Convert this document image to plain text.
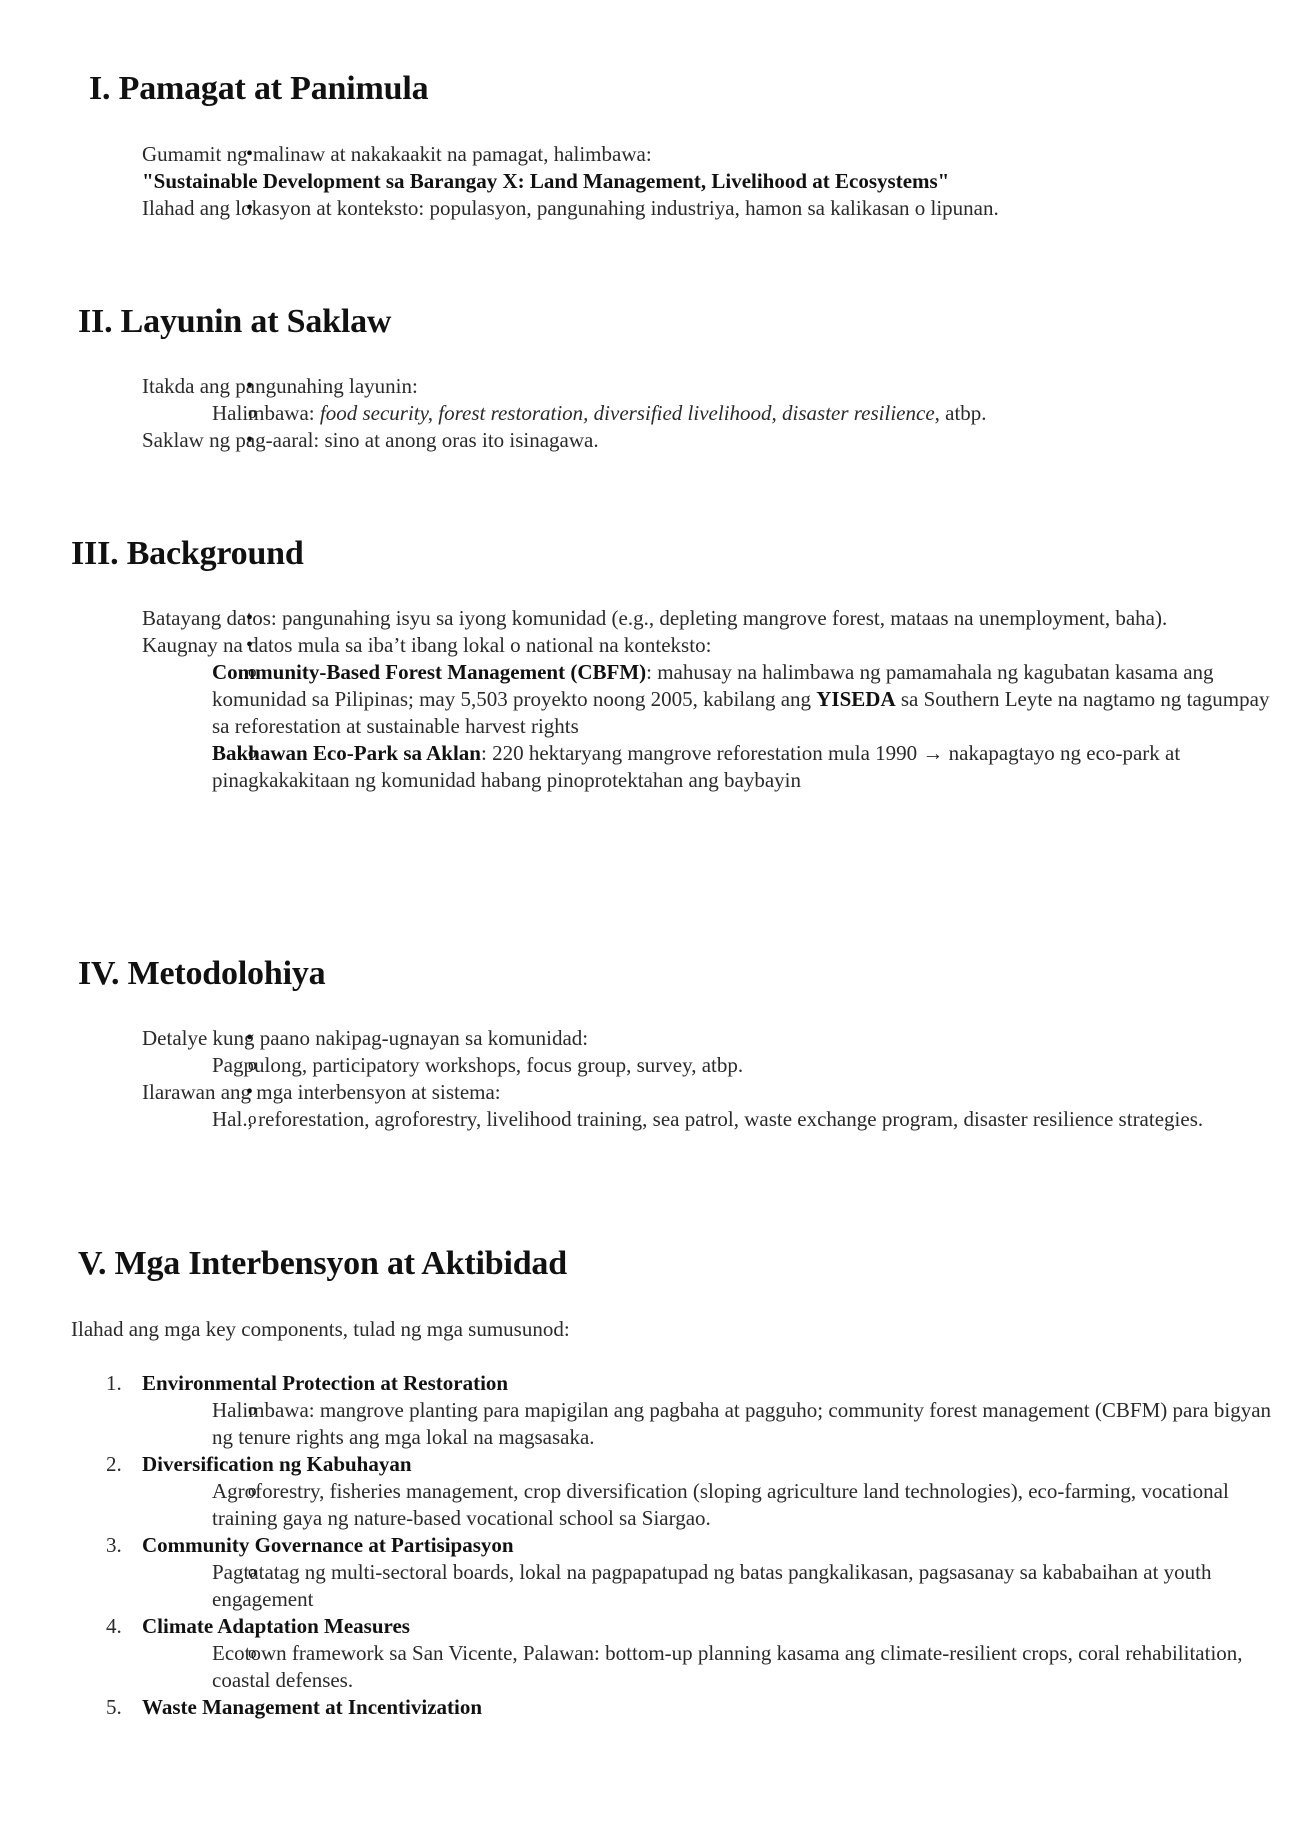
I. Pamagat at Panimula
• Gumamit ng malinaw at nakakaakit na pamagat, halimbawa:
"Sustainable Development sa Barangay X: Land Management, Livelihood at Ecosystems"
• Ilahad ang lokasyon at konteksto: populasyon, pangunahing industriya, hamon sa kalikasan o lipunan.
II. Layunin at Saklaw
• Itakda ang pangunahing layunin:
o Halimbawa: food security, forest restoration, diversified livelihood, disaster resilience, atbp.
• Saklaw ng pag-aaral: sino at anong oras ito isinagawa.
III. Background
• Batayang datos: pangunahing isyu sa iyong komunidad (e.g., depleting mangrove forest, mataas na unemployment, baha).
• Kaugnay na datos mula sa iba’t ibang lokal o national na konteksto:
o Community-Based Forest Management (CBFM): mahusay na halimbawa ng pamamahala ng kagubatan kasama ang komunidad sa Pilipinas; may 5,503 proyekto noong 2005, kabilang ang YISEDA sa Southern Leyte na nagtamo ng tagumpay sa reforestation at sustainable harvest rights
o Bakhawan Eco-Park sa Aklan: 220 hektaryang mangrove reforestation mula 1990 → nakapagtayo ng eco-park at pinagkakakitaan ng komunidad habang pinoprotektahan ang baybayin
IV. Metodolohiya
• Detalye kung paano nakipag-ugnayan sa komunidad:
o Pagpulong, participatory workshops, focus group, survey, atbp.
• Ilarawan ang mga interbensyon at sistema:
o Hal., reforestation, agroforestry, livelihood training, sea patrol, waste exchange program, disaster resilience strategies.
V. Mga Interbensyon at Aktibidad
Ilahad ang mga key components, tulad ng mga sumusunod:
1. Environmental Protection at Restoration
o Halimbawa: mangrove planting para mapigilan ang pagbaha at pagguho; community forest management (CBFM) para bigyan ng tenure rights ang mga lokal na magsasaka.
2. Diversification ng Kabuhayan
o Agroforestry, fisheries management, crop diversification (sloping agriculture land technologies), eco-farming, vocational training gaya ng nature-based vocational school sa Siargao.
3. Community Governance at Partisipasyon
o Pagtatatag ng multi-sectoral boards, lokal na pagpapatupad ng batas pangkalikasan, pagsasanay sa kababaihan at youth engagement
4. Climate Adaptation Measures
o Ecotown framework sa San Vicente, Palawan: bottom-up planning kasama ang climate-resilient crops, coral rehabilitation, coastal defenses.
5. Waste Management at Incentivization
